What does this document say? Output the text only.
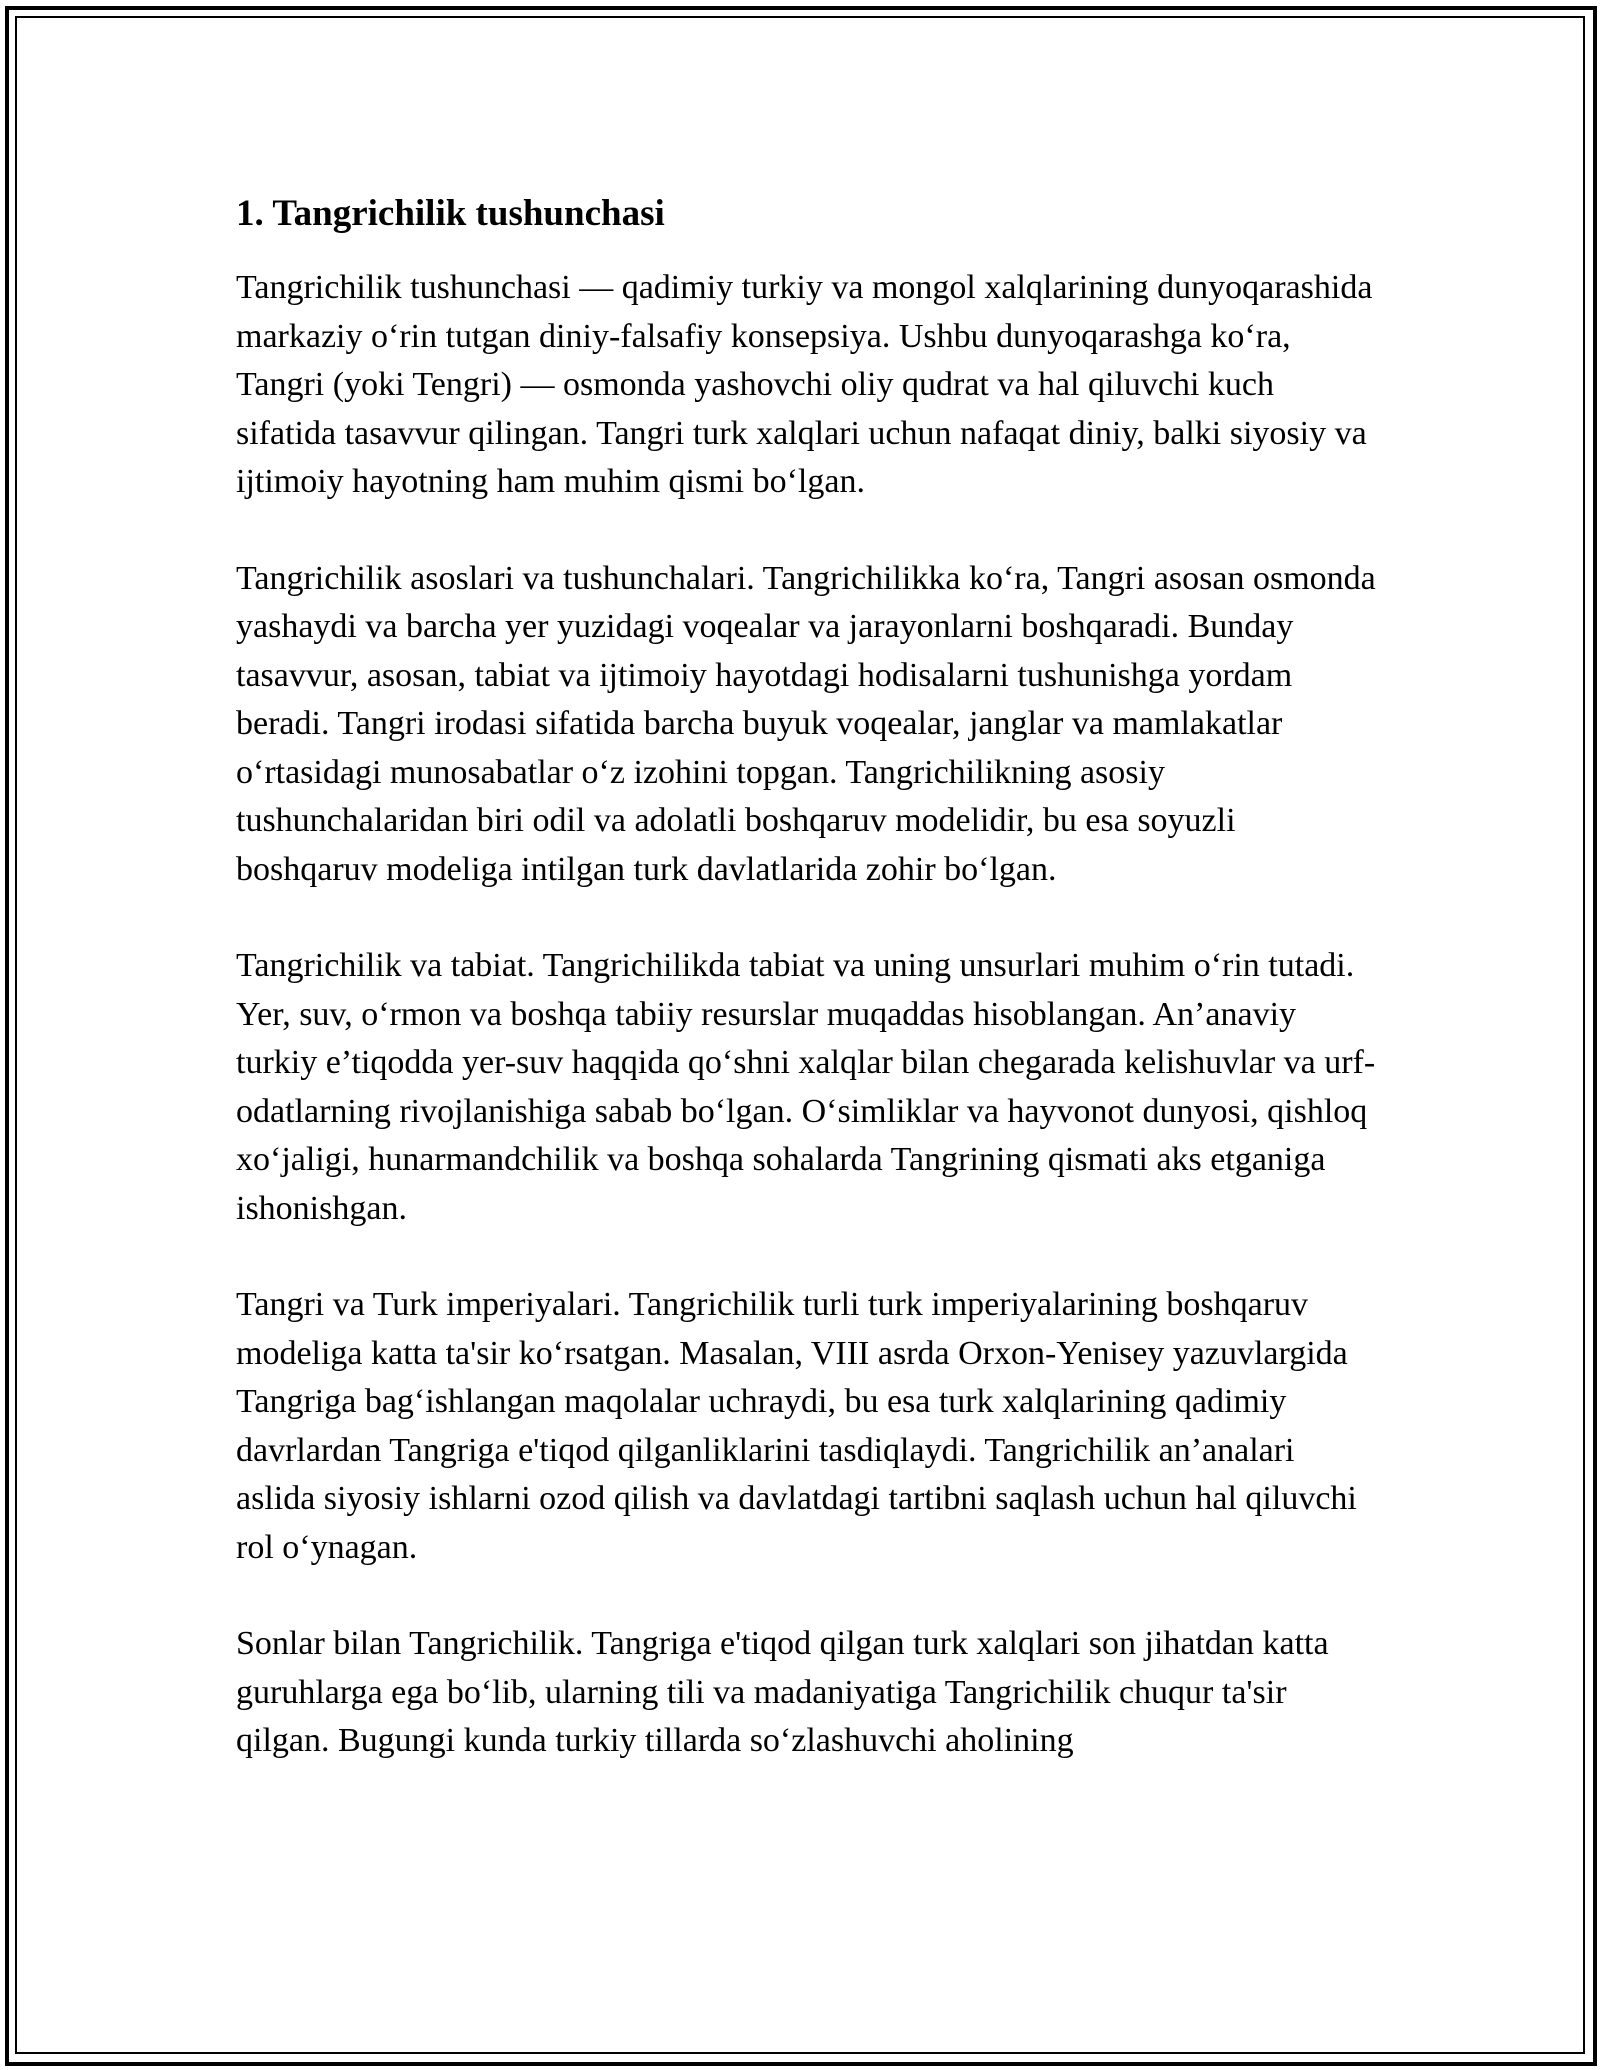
1. Tangrichilik tushunchasi

Tangrichilik tushunchasi — qadimiy turkiy va mongol xalqlarining dunyoqarashida markaziy o‘rin tutgan diniy-falsafiy konsepsiya. Ushbu dunyoqarashga ko‘ra, Tangri (yoki Tengri) — osmonda yashovchi oliy qudrat va hal qiluvchi kuch sifatida tasavvur qilingan. Tangri turk xalqlari uchun nafaqat diniy, balki siyosiy va ijtimoiy hayotning ham muhim qismi bo‘lgan.

Tangrichilik asoslari va tushunchalari. Tangrichilikka ko‘ra, Tangri asosan osmonda yashaydi va barcha yer yuzidagi voqealar va jarayonlarni boshqaradi. Bunday tasavvur, asosan, tabiat va ijtimoiy hayotdagi hodisalarni tushunishga yordam beradi. Tangri irodasi sifatida barcha buyuk voqealar, janglar va mamlakatlar o‘rtasidagi munosabatlar o‘z izohini topgan. Tangrichilikning asosiy tushunchalaridan biri odil va adolatli boshqaruv modelidir, bu esa soyuzli boshqaruv modeliga intilgan turk davlatlarida zohir bo‘lgan.

Tangrichilik va tabiat. Tangrichilikda tabiat va uning unsurlari muhim o‘rin tutadi. Yer, suv, o‘rmon va boshqa tabiiy resurslar muqaddas hisoblangan. An’anaviy turkiy e’tiqodda yer-suv haqqida qo‘shni xalqlar bilan chegarada kelishuvlar va urf-odatlarning rivojlanishiga sabab bo‘lgan. O‘simliklar va hayvonot dunyosi, qishloq xo‘jaligi, hunarmandchilik va boshqa sohalarda Tangrining qismati aks etganiga ishonishgan.

Tangri va Turk imperiyalari. Tangrichilik turli turk imperiyalarining boshqaruv modeliga katta ta'sir ko‘rsatgan. Masalan, VIII asrda Orxon-Yenisey yazuvlargida Tangriga bag‘ishlangan maqolalar uchraydi, bu esa turk xalqlarining qadimiy davrlardan Tangriga e'tiqod qilganliklarini tasdiqlaydi. Tangrichilik an’analari aslida siyosiy ishlarni ozod qilish va davlatdagi tartibni saqlash uchun hal qiluvchi rol o‘ynagan.

Sonlar bilan Tangrichilik. Tangriga e'tiqod qilgan turk xalqlari son jihatdan katta guruhlarga ega bo‘lib, ularning tili va madaniyatiga Tangrichilik chuqur ta'sir qilgan. Bugungi kunda turkiy tillarda so‘zlashuvchi aholining
